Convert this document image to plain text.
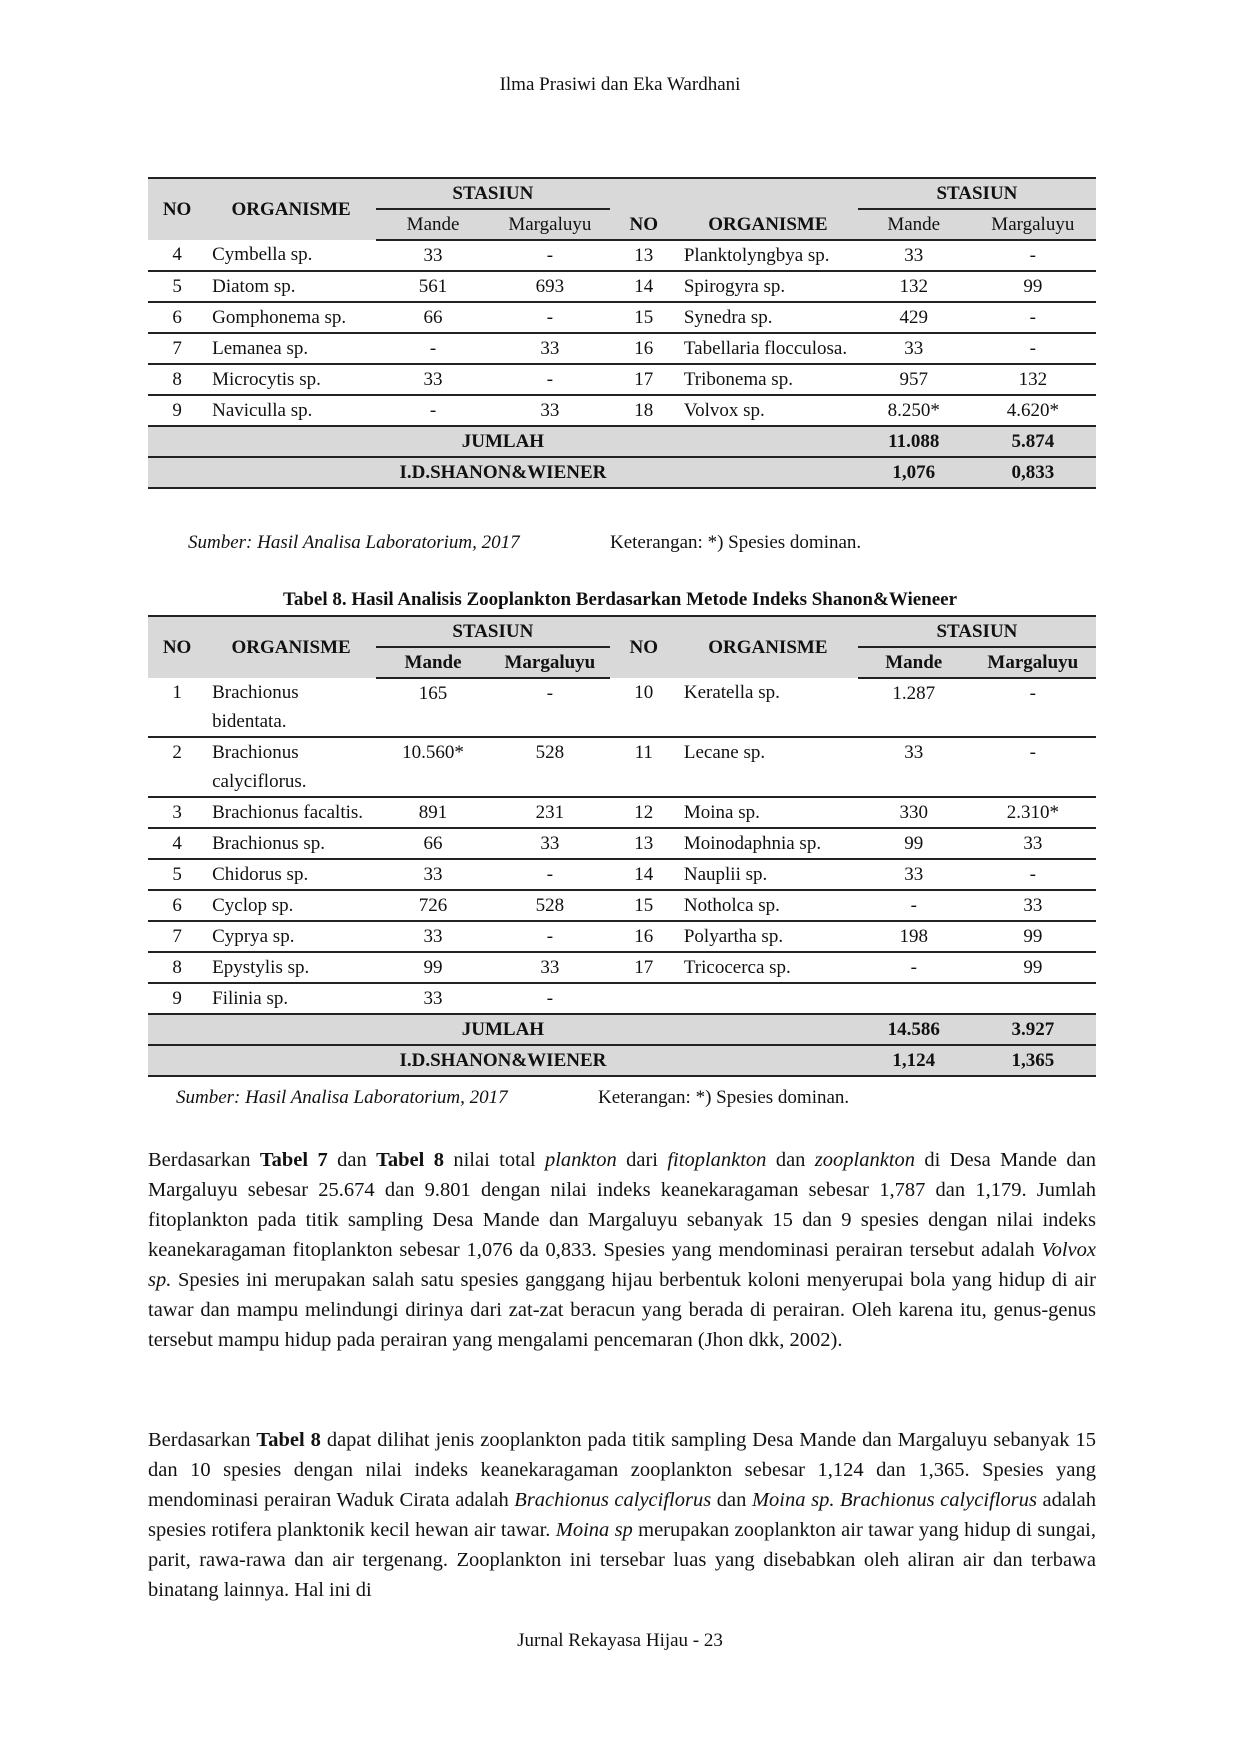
Ilma Prasiwi dan Eka Wardhani
NO	ORGANISME	STASIUN				STASIUN	
		Mande	Margaluyu	NO	ORGANISME	Mande	Margaluyu
4	Cymbella sp.	33	-	13	Planktolyngbya sp.	33	-
5	Diatom sp.	561	693	14	Spirogyra sp.	132	99
6	Gomphonema sp.	66	-	15	Synedra sp.	429	-
7	Lemanea sp.	-	33	16	Tabellaria flocculosa.	33	-
8	Microcytis sp.	33	-	17	Tribonema sp.	957	132
9	Naviculla sp.	-	33	18	Volvox sp.	8.250*	4.620*
JUMLAH						11.088	5.874
I.D.SHANON&WIENER						1,076	0,833
Sumber: Hasil Analisa Laboratorium, 2017	Keterangan: *) Spesies dominan.
Tabel 8. Hasil Analisis Zooplankton Berdasarkan Metode Indeks Shanon&Wieneer
NO	ORGANISME	STASIUN		NO	ORGANISME	STASIUN	
		Mande	Margaluyu			Mande	Margaluyu
1	Brachionus bidentata.	165	-	10	Keratella sp.	1.287	-
2	Brachionus calyciflorus.	10.560*	528	11	Lecane sp.	33	-
3	Brachionus facaltis.	891	231	12	Moina sp.	330	2.310*
4	Brachionus sp.	66	33	13	Moinodaphnia sp.	99	33
5	Chidorus sp.	33	-	14	Nauplii sp.	33	-
6	Cyclop sp.	726	528	15	Notholca sp.	-	33
7	Cyprya sp.	33	-	16	Polyartha sp.	198	99
8	Epystylis sp.	99	33	17	Tricocerca sp.	-	99
9	Filinia sp.	33	-				
JUMLAH						14.586	3.927
I.D.SHANON&WIENER						1,124	1,365
Sumber: Hasil Analisa Laboratorium, 2017	Keterangan: *) Spesies dominan.

Berdasarkan Tabel 7 dan Tabel 8 nilai total plankton dari fitoplankton dan zooplankton di Desa Mande dan Margaluyu sebesar 25.674 dan 9.801 dengan nilai indeks keanekaragaman sebesar 1,787 dan 1,179. Jumlah fitoplankton pada titik sampling Desa Mande dan Margaluyu sebanyak 15 dan 9 spesies dengan nilai indeks keanekaragaman fitoplankton sebesar 1,076 da 0,833. Spesies yang mendominasi perairan tersebut adalah Volvox sp. Spesies ini merupakan salah satu spesies ganggang hijau berbentuk koloni menyerupai bola yang hidup di air tawar dan mampu melindungi dirinya dari zat-zat beracun yang berada di perairan. Oleh karena itu, genus-genus tersebut mampu hidup pada perairan yang mengalami pencemaran (Jhon dkk, 2002).

Berdasarkan Tabel 8 dapat dilihat jenis zooplankton pada titik sampling Desa Mande dan Margaluyu sebanyak 15 dan 10 spesies dengan nilai indeks keanekaragaman zooplankton sebesar 1,124 dan 1,365. Spesies yang mendominasi perairan Waduk Cirata adalah Brachionus calyciflorus dan Moina sp. Brachionus calyciflorus adalah spesies rotifera planktonik kecil hewan air tawar. Moina sp merupakan zooplankton air tawar yang hidup di sungai, parit, rawa-rawa dan air tergenang. Zooplankton ini tersebar luas yang disebabkan oleh aliran air dan terbawa binatang lainnya. Hal ini di

Jurnal Rekayasa Hijau - 23
